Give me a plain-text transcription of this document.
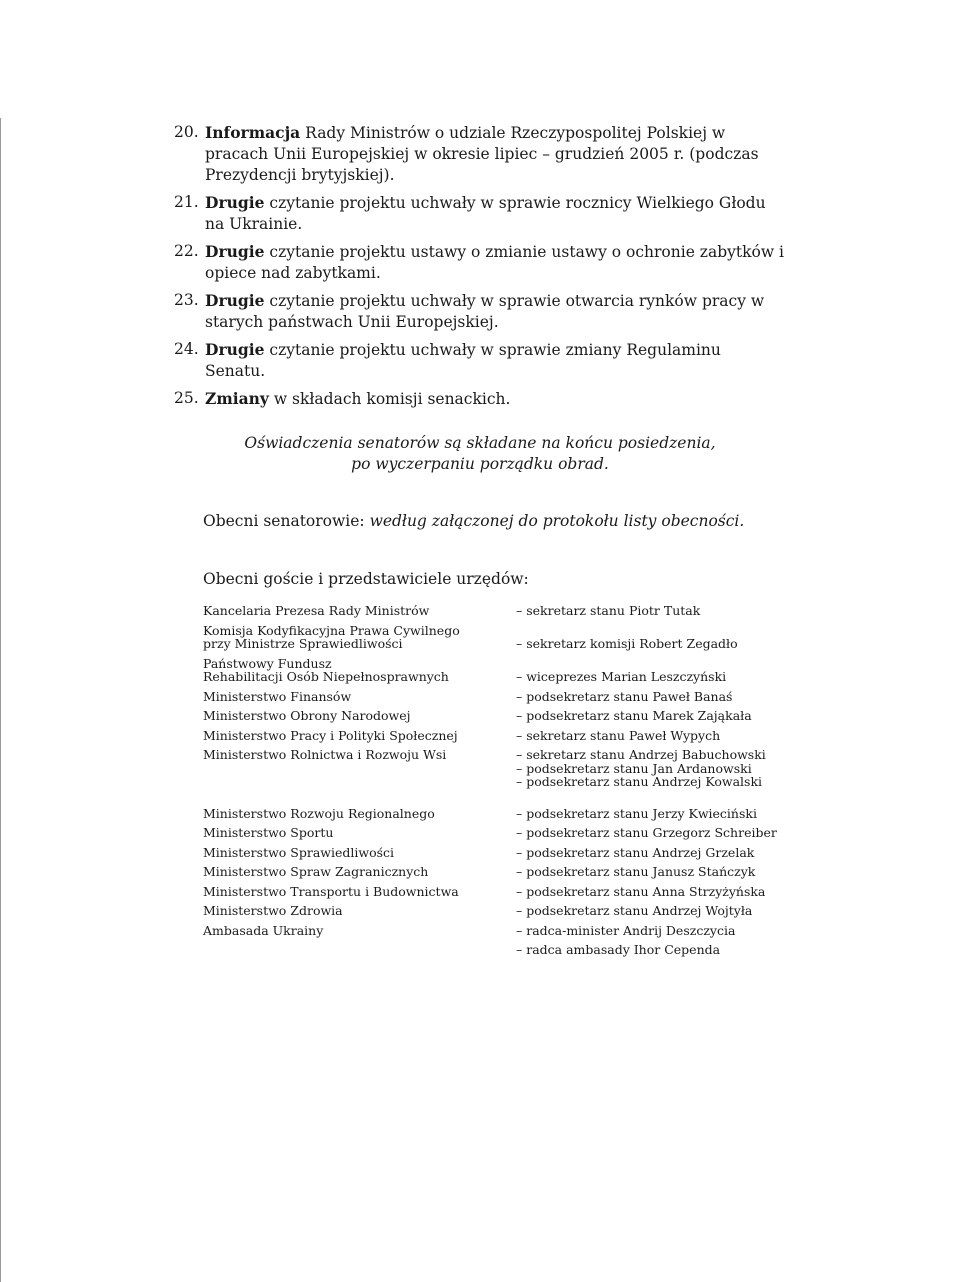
20. Informacja Rady Ministrów o udziale Rzeczypospolitej Polskiej w pracach Unii Europejskiej w okresie lipiec – grudzień 2005 r. (podczas Prezydencji brytyjskiej).
21. Drugie czytanie projektu uchwały w sprawie rocznicy Wielkiego Głodu na Ukrainie.
22. Drugie czytanie projektu ustawy o zmianie ustawy o ochronie zabytków i opiece nad zabytkami.
23. Drugie czytanie projektu uchwały w sprawie otwarcia rynków pracy w starych państwach Unii Europejskiej.
24. Drugie czytanie projektu uchwały w sprawie zmiany Regulaminu Senatu.
25. Zmiany w składach komisji senackich.
Oświadczenia senatorów są składane na końcu posiedzenia,
po wyczerpaniu porządku obrad.
Obecni senatorowie: według załączonej do protokołu listy obecności.
Obecni goście i przedstawiciele urzędów:
Kancelaria Prezesa Rady Ministrów	– sekretarz stanu Piotr Tutak
Komisja Kodyfikacyjna Prawa Cywilnego
przy Ministrze Sprawiedliwości	– sekretarz komisji Robert Zegadło
Państwowy Fundusz
Rehabilitacji Osób Niepełnosprawnych	– wiceprezes Marian Leszczyński
Ministerstwo Finansów	– podsekretarz stanu Paweł Banaś
Ministerstwo Obrony Narodowej	– podsekretarz stanu Marek Zająkała
Ministerstwo Pracy i Polityki Społecznej	– sekretarz stanu Paweł Wypych
Ministerstwo Rolnictwa i Rozwoju Wsi	– sekretarz stanu Andrzej Babuchowski
– podsekretarz stanu Jan Ardanowski
– podsekretarz stanu Andrzej Kowalski
Ministerstwo Rozwoju Regionalnego	– podsekretarz stanu Jerzy Kwieciński
Ministerstwo Sportu	– podsekretarz stanu Grzegorz Schreiber
Ministerstwo Sprawiedliwości	– podsekretarz stanu Andrzej Grzelak
Ministerstwo Spraw Zagranicznych	– podsekretarz stanu Janusz Stańczyk
Ministerstwo Transportu i Budownictwa	– podsekretarz stanu Anna Strzyżyńska
Ministerstwo Zdrowia	– podsekretarz stanu Andrzej Wojtyła
Ambasada Ukrainy	– radca-minister Andrij Deszczycia
– radca ambasady Ihor Cependa
